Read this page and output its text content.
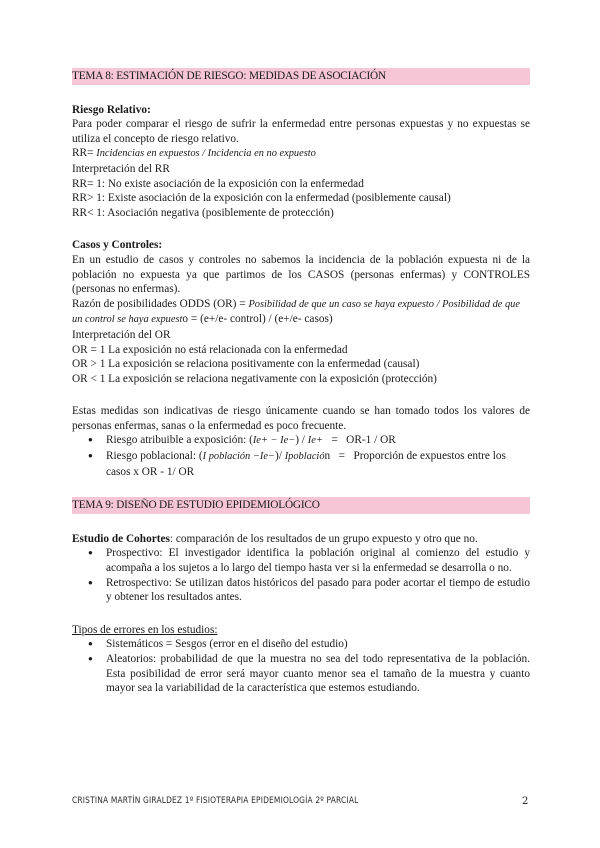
TEMA 8: ESTIMACIÓN DE RIESGO: MEDIDAS DE ASOCIACIÓN

Riesgo Relativo:

Para poder comparar el riesgo de sufrir la enfermedad entre personas expuestas y no expuestas se utiliza el concepto de riesgo relativo.

RR= Incidencias en expuestos / Incidencia en no expuesto

Interpretación del RR

RR= 1: No existe asociación de la exposición con la enfermedad

RR> 1: Existe asociación de la exposición con la enfermedad (posiblemente causal)

RR< 1: Asociación negativa (posiblemente de protección)

Casos y Controles:

En un estudio de casos y controles no sabemos la incidencia de la población expuesta ni de la población no expuesta ya que partimos de los CASOS (personas enfermas) y CONTROLES (personas no enfermas).

Razón de posibilidades ODDS (OR) = Posibilidad de que un caso se haya expuesto / Posibilidad de que un control se haya expuesto = (e+/e- control) / (e+/e- casos)

Interpretación del OR

OR = 1 La exposición no está relacionada con la enfermedad

OR > 1 La exposición se relaciona positivamente con la enfermedad (causal)

OR < 1 La exposición se relaciona negativamente con la exposición (protección)

Estas medidas son indicativas de riesgo únicamente cuando se han tomado todos los valores de personas enfermas, sanas o la enfermedad es poco frecuente.

● Riesgo atribuible a exposición: (Ie+ − Ie−) / Ie+   =   OR-1 / OR
● Riesgo poblacional: (I población −Ie−)/ Ipoblación   =   Proporción de expuestos entre los casos x OR - 1/ OR
TEMA 9: DISEÑO DE ESTUDIO EPIDEMIOLÓGICO

Estudio de Cohortes: comparación de los resultados de un grupo expuesto y otro que no.

● Prospectivo: El investigador identifica la población original al comienzo del estudio y acompaña a los sujetos a lo largo del tiempo hasta ver si la enfermedad se desarrolla o no.
● Retrospectivo: Se utilizan datos históricos del pasado para poder acortar el tiempo de estudio y obtener los resultados antes.

Tipos de errores en los estudios:

● Sistemáticos = Sesgos (error en el diseño del estudio)
● Aleatorios: probabilidad de que la muestra no sea del todo representativa de la población. Esta posibilidad de error será mayor cuanto menor sea el tamaño de la muestra y cuanto mayor sea la variabilidad de la característica que estemos estudiando.
CRISTINA MARTÍN GIRALDEZ 1º FISIOTERAPIA EPIDEMIOLOGÍA 2º PARCIAL	2
